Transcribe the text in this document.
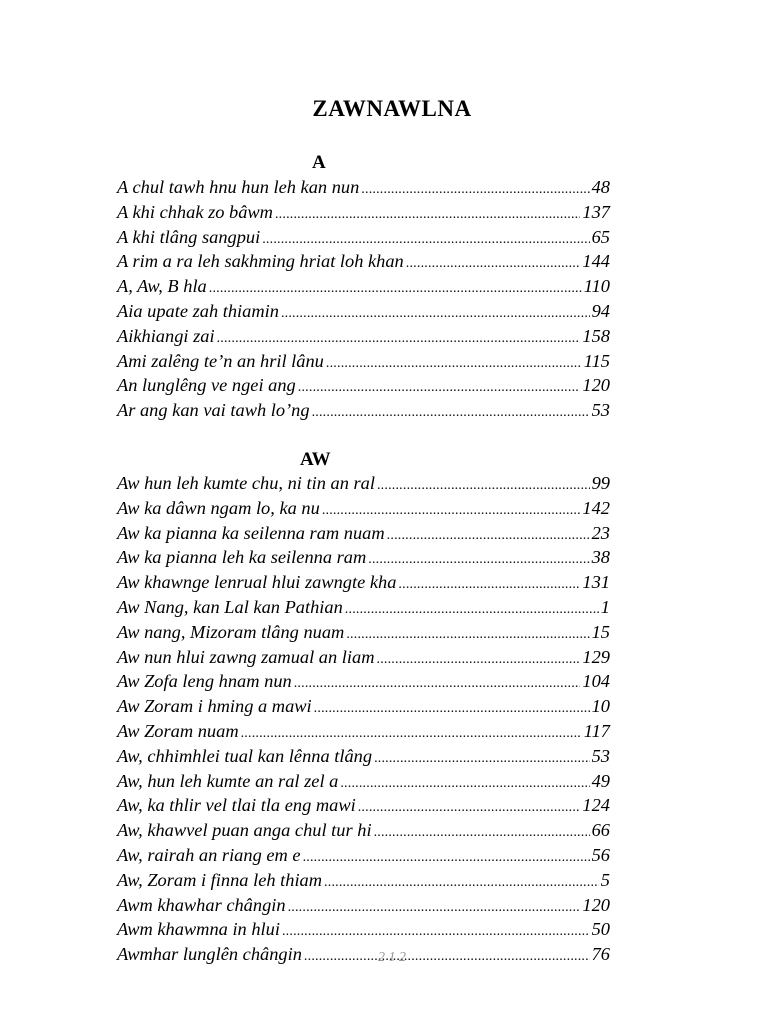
ZAWNAWLNA
A
A chul tawh hnu hun leh kan nun .....	48
A khi chhak zo bâwm .....	137
A khi tlâng sangpui .....	65
A rim a ra leh sakhming hriat loh khan .....	144
A, Aw, B hla .....	110
Aia upate zah thiamin .....	94
Aikhiangi zai .....	158
Ami zalêng te’n an hril lânu .....	115
An lunglêng ve ngei ang .....	120
Ar ang kan vai tawh lo’ng .....	53
AW
Aw hun leh kumte chu, ni tin an ral .....	99
Aw ka dâwn ngam lo, ka nu .....	142
Aw ka pianna ka seilenna ram nuam .....	23
Aw ka pianna leh ka seilenna ram .....	38
Aw khawnge lenrual hlui zawngte kha .....	131
Aw Nang, kan Lal kan Pathian .....	1
Aw nang, Mizoram tlâng nuam .....	15
Aw nun hlui zawng zamual an liam .....	129
Aw Zofa leng hnam nun .....	104
Aw Zoram i hming a mawi .....	10
Aw Zoram nuam .....	117
Aw, chhimhlei tual kan lênna tlâng .....	53
Aw, hun leh kumte an ral zel a .....	49
Aw, ka thlir vel tlai tla eng mawi .....	124
Aw, khawvel puan anga chul tur hi .....	66
Aw, rairah an riang em e .....	56
Aw, Zoram i finna leh thiam .....	5
Awm khawhar chângin .....	120
Awm khawmna in hlui .....	50
Awmhar lunglên chângin .....	76
2 1 2
